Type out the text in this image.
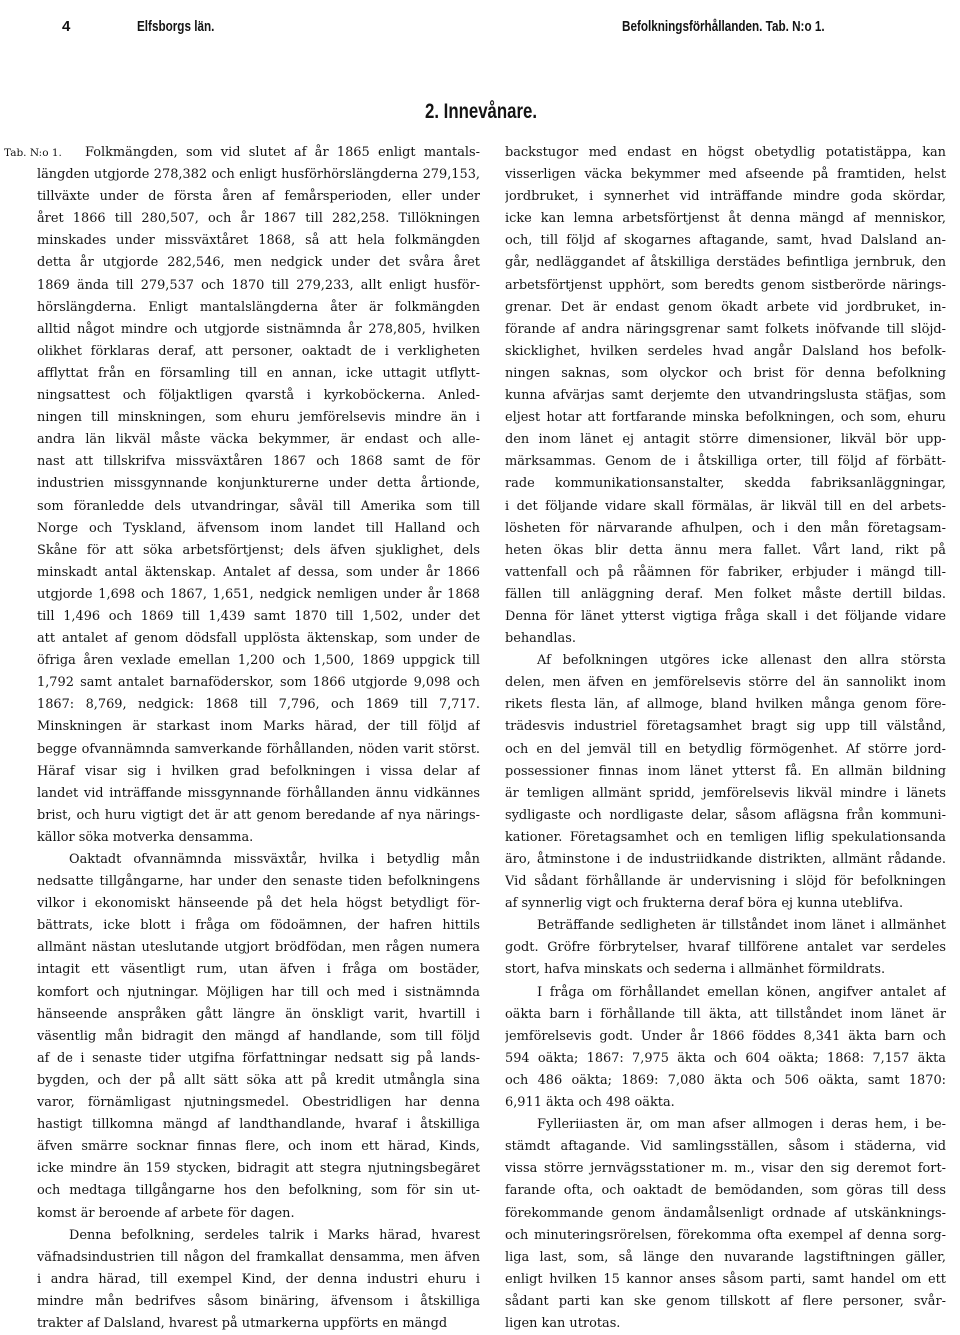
4	Elfsborgs län.	Befolkningsförhållanden. Tab. N:o 1.
2. Innevånare.
Tab. N:o 1.	Folkmängden, som vid slutet af år 1865 enligt mantals-
längden utgjorde 278,382 och enligt husförhörslängderna 279,153,
tillväxte under de första åren af femårsperioden, eller under
året 1866 till 280,507, och år 1867 till 282,258. Tillökningen
minskades under missväxtåret 1868, så att hela folkmängden
detta år utgjorde 282,546, men nedgick under det svåra året
1869 ända till 279,537 och 1870 till 279,233, allt enligt husför-
hörslängderna. Enligt mantalslängderna åter är folkmängden
alltid något mindre och utgjorde sistnämnda år 278,805, hvilken
olikhet förklaras deraf, att personer, oaktadt de i verkligheten
afflyttat från en församling till en annan, icke uttagit utflytt-
ningsattest och följaktligen qvarstå i kyrkoböckerna. Anled-
ningen till minskningen, som ehuru jemförelsevis mindre än i
andra län likväl måste väcka bekymmer, är endast och alle-
nast att tillskrifva missväxtåren 1867 och 1868 samt de för
industrien missgynnande konjunkturerne under detta årtionde,
som föranledde dels utvandringar, såväl till Amerika som till
Norge och Tyskland, äfvensom inom landet till Halland och
Skåne för att söka arbetsförtjenst; dels äfven sjuklighet, dels
minskadt antal äktenskap. Antalet af dessa, som under år 1866
utgjorde 1,698 och 1867, 1,651, nedgick nemligen under år 1868
till 1,496 och 1869 till 1,439 samt 1870 till 1,502, under det
att antalet af genom dödsfall upplösta äktenskap, som under de
öfriga åren vexlade emellan 1,200 och 1,500, 1869 uppgick till
1,792 samt antalet barnaföderskor, som 1866 utgjorde 9,098 och
1867: 8,769, nedgick: 1868 till 7,796, och 1869 till 7,717.
Minskningen är starkast inom Marks härad, der till följd af
begge ofvannämnda samverkande förhållanden, nöden varit störst.
Häraf visar sig i hvilken grad befolkningen i vissa delar af
landet vid inträffande missgynnande förhållanden ännu vidkännes
brist, och huru vigtigt det är att genom beredande af nya närings-
källor söka motverka densamma.
Oaktadt ofvannämnda missväxtår, hvilka i betydlig mån
nedsatte tillgångarne, har under den senaste tiden befolkningens
vilkor i ekonomiskt hänseende på det hela högst betydligt för-
bättrats, icke blott i fråga om födoämnen, der hafren hittils
allmänt nästan uteslutande utgjort brödfödan, men rågen numera
intagit ett väsentligt rum, utan äfven i fråga om bostäder,
komfort och njutningar. Möjligen har till och med i sistnämnda
hänseende anspråken gått längre än önskligt varit, hvartill i
väsentlig mån bidragit den mängd af handlande, som till följd
af de i senaste tider utgifna författningar nedsatt sig på lands-
bygden, och der på allt sätt söka att på kredit utmångla sina
varor, förnämligast njutningsmedel. Obestridligen har denna
hastigt tillkomna mängd af landthandlande, hvaraf i åtskilliga
äfven smärre socknar finnas flere, och inom ett härad, Kinds,
icke mindre än 159 stycken, bidragit att stegra njutningsbegäret
och medtaga tillgångarne hos den befolkning, som för sin ut-
komst är beroende af arbete för dagen.
Denna befolkning, serdeles talrik i Marks härad, hvarest
väfnadsindustrien till någon del framkallat densamma, men äfven
i andra härad, till exempel Kind, der denna industri ehuru i
mindre mån bedrifves såsom binäring, äfvensom i åtskilliga
trakter af Dalsland, hvarest på utmarkerna uppförts en mängd
backstugor med endast en högst obetydlig potatistäppa, kan
visserligen väcka bekymmer med afseende på framtiden, helst
jordbruket, i synnerhet vid inträffande mindre goda skördar,
icke kan lemna arbetsförtjenst åt denna mängd af menniskor,
och, till följd af skogarnes aftagande, samt, hvad Dalsland an-
går, nedläggandet af åtskilliga derstädes befintliga jernbruk, den
arbetsförtjenst upphört, som beredts genom sistberörde närings-
grenar. Det är endast genom ökadt arbete vid jordbruket, in-
förande af andra näringsgrenar samt folkets inöfvande till slöjd-
skicklighet, hvilken serdeles hvad angår Dalsland hos befolk-
ningen saknas, som olyckor och brist för denna befolkning
kunna afvärjas samt derjemte den utvandringslusta stäfjas, som
eljest hotar att fortfarande minska befolkningen, och som, ehuru
den inom länet ej antagit större dimensioner, likväl bör upp-
märksammas. Genom de i åtskilliga orter, till följd af förbätt-
rade kommunikationsanstalter, skedda fabriksanläggningar,
i det följande vidare skall förmälas, är likväl till en del arbets-
lösheten för närvarande afhulpen, och i den mån företagsam-
heten ökas blir detta ännu mera fallet. Vårt land, rikt på
vattenfall och på råämnen för fabriker, erbjuder i mängd till-
fällen till anläggning deraf. Men folket måste dertill bildas.
Denna för länet ytterst vigtiga fråga skall i det följande vidare
behandlas.
Af befolkningen utgöres icke allenast den allra största
delen, men äfven en jemförelsevis större del än sannolikt inom
rikets flesta län, af allmoge, bland hvilken många genom före-
trädesvis industriel företagsamhet bragt sig upp till välstånd,
och en del jemväl till en betydlig förmögenhet. Af större jord-
possessioner finnas inom länet ytterst få. En allmän bildning
är temligen allmänt spridd, jemförelsevis likväl mindre i länets
sydligaste och nordligaste delar, såsom aflägsna från kommuni-
kationer. Företagsamhet och en temligen liflig spekulationsanda
äro, åtminstone i de industriidkande distrikten, allmänt rådande.
Vid sådant förhållande är undervisning i slöjd för befolkningen
af synnerlig vigt och frukterna deraf böra ej kunna uteblifva.
Beträffande sedligheten är tillståndet inom länet i allmänhet
godt. Gröfre förbrytelser, hvaraf tillförene antalet var serdeles
stort, hafva minskats och sederna i allmänhet förmildrats.
I fråga om förhållandet emellan könen, angifver antalet af
oäkta barn i förhållande till äkta, att tillståndet inom länet är
jemförelsevis godt. Under år 1866 föddes 8,341 äkta barn och
594 oäkta; 1867: 7,975 äkta och 604 oäkta; 1868: 7,157 äkta
och 486 oäkta; 1869: 7,080 äkta och 506 oäkta, samt 1870:
6,911 äkta och 498 oäkta.
Fylleriiasten är, om man afser allmogen i deras hem, i be-
stämdt aftagande. Vid samlingsställen, såsom i städerna, vid
vissa större jernvägsstationer m. m., visar den sig deremot fort-
farande ofta, och oaktadt de bemödanden, som göras till dess
förekommande genom ändamålsenligt ordnade af utskänknings-
och minuteringsrörelsen, förekomma ofta exempel af denna sorg-
liga last, som, så länge den nuvarande lagstiftningen gäller,
enligt hvilken 15 kannor anses såsom parti, samt handel om ett
sådant parti kan ske genom tillskott af flere personer, svår-
ligen kan utrotas.
